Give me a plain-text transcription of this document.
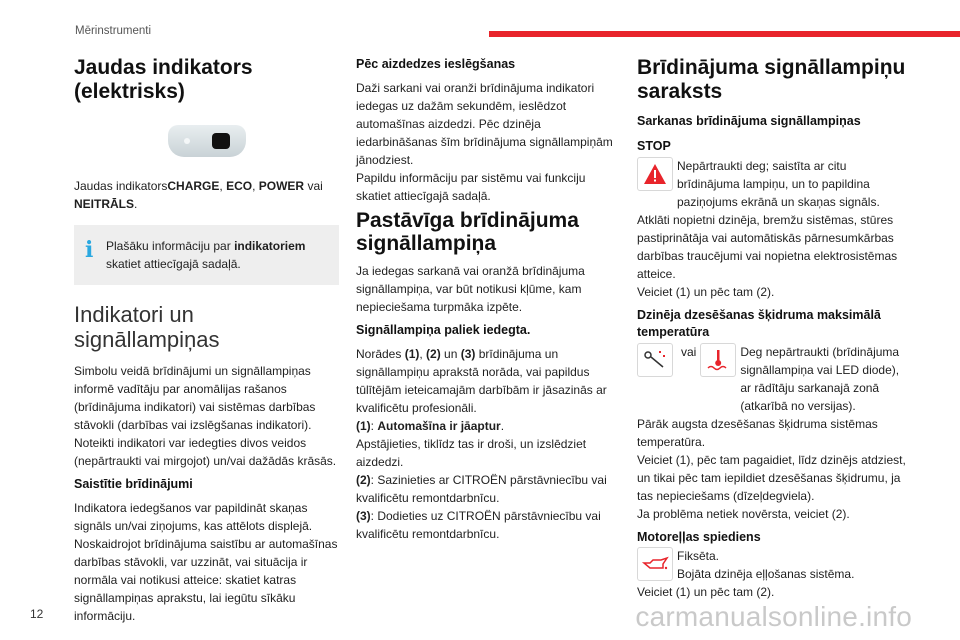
Mērinstrumenti
Jaudas indikators (elektrisks)

Jaudas indikatorsCHARGE, ECO, POWER vai NEITRĀLS.

i Plašāku informāciju par indikatoriem skatiet attiecīgajā sadaļā.

Indikatori un signāllampiņas

Simbolu veidā brīdinājumi un signāllampiņas informē vadītāju par anomālijas rašanos (brīdinājuma indikatori) vai sistēmas darbības stāvokli (darbības vai izslēgšanas indikatori). Noteikti indikatori var iedegties divos veidos (nepārtraukti vai mirgojot) un/vai dažādās krāsās.

Saistītie brīdinājumi

Indikatora iedegšanos var papildināt skaņas signāls un/vai ziņojums, kas attēlots displejā. Noskaidrojot brīdinājuma saistību ar automašīnas darbības stāvokli, var uzzināt, vai situācija ir normāla vai notikusi atteice: skatiet katras signāllampiņas aprakstu, lai iegūtu sīkāku informāciju.

Pēc aizdedzes ieslēgšanas

Daži sarkani vai oranži brīdinājuma indikatori iedegas uz dažām sekundēm, ieslēdzot automašīnas aizdedzi. Pēc dzinēja iedarbināšanas šīm brīdinājuma signāllampiņām jānodziest.

Papildu informāciju par sistēmu vai funkciju skatiet attiecīgajā sadaļā.

Pastāvīga brīdinājuma signāllampiņa

Ja iedegas sarkanā vai oranžā brīdinājuma signāllampiņa, var būt notikusi kļūme, kam nepieciešama turpmāka izpēte.

Signāllampiņa paliek iedegta.

Norādes (1), (2) un (3) brīdinājuma un signāllampiņu aprakstā norāda, vai papildus tūlītējām ieteicamajām darbībām ir jāsazinās ar kvalificētu profesionāli.

(1): Automašīna ir jāaptur.

Apstājieties, tiklīdz tas ir droši, un izslēdziet aizdedzi.

(2): Sazinieties ar CITROËN pārstāvniecību vai kvalificētu remontdarbnīcu.

(3): Dodieties uz CITROËN pārstāvniecību vai kvalificētu remontdarbnīcu.

Brīdinājuma signāllampiņu saraksts
Sarkanas brīdinājuma signāllampiņas
STOP

Nepārtraukti deg; saistīta ar citu brīdinājuma lampiņu, un to papildina paziņojums ekrānā un skaņas signāls.

Atklāti nopietni dzinēja, bremžu sistēmas, stūres pastiprinātāja vai automātiskās pārnesumkārbas darbības traucējumi vai nopietna elektrosistēmas atteice.

Veiciet (1) un pēc tam (2).

Dzinēja dzesēšanas šķidruma maksimālā temperatūra
vai	Deg nepārtraukti (brīdinājuma signāllampiņa vai LED diode), ar rādītāju sarkanajā zonā (atkarībā no versijas).

Pārāk augsta dzesēšanas šķidruma sistēmas temperatūra.

Veiciet (1), pēc tam pagaidiet, līdz dzinējs atdziest, un tikai pēc tam iepildiet dzesēšanas šķidrumu, ja tas nepieciešams (dīzeļdegviela).

Ja problēma netiek novērsta, veiciet (2).

Motoreļļas spiediens

Fiksēta.
Bojāta dzinēja eļļošanas sistēma.

Veiciet (1) un pēc tam (2).

12	carmanualsonline.info
